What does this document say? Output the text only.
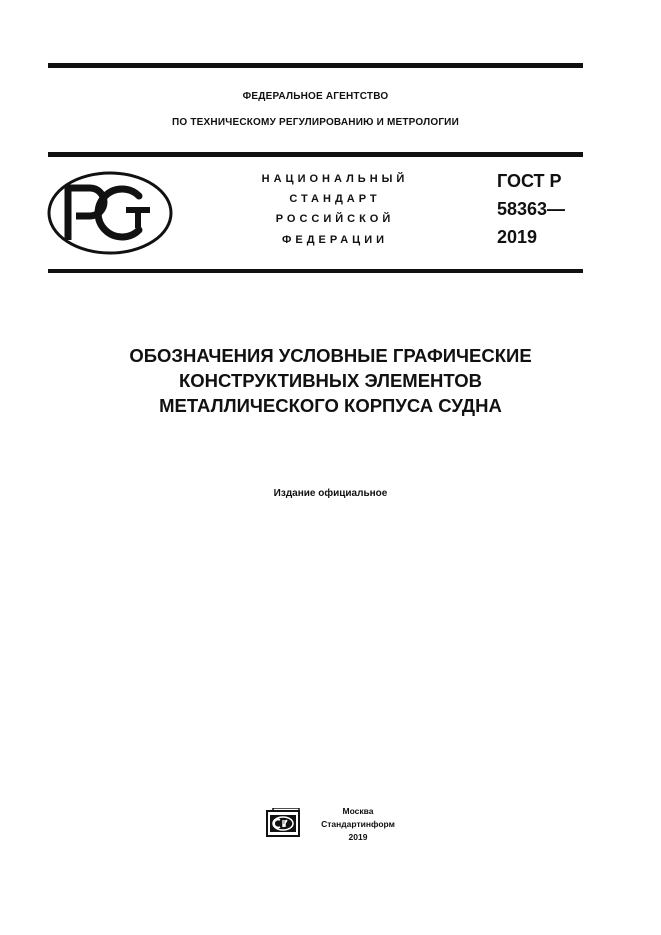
ФЕДЕРАЛЬНОЕ АГЕНТСТВО
ПО ТЕХНИЧЕСКОМУ РЕГУЛИРОВАНИЮ И МЕТРОЛОГИИ
НАЦИОНАЛЬНЫЙ
СТАНДАРТ
РОССИЙСКОЙ
ФЕДЕРАЦИИ
ГОСТ Р
58363—
2019
ОБОЗНАЧЕНИЯ УСЛОВНЫЕ ГРАФИЧЕСКИЕ
КОНСТРУКТИВНЫХ ЭЛЕМЕНТОВ
МЕТАЛЛИЧЕСКОГО КОРПУСА СУДНА
Издание официальное
Москва
Стандартинформ
2019
